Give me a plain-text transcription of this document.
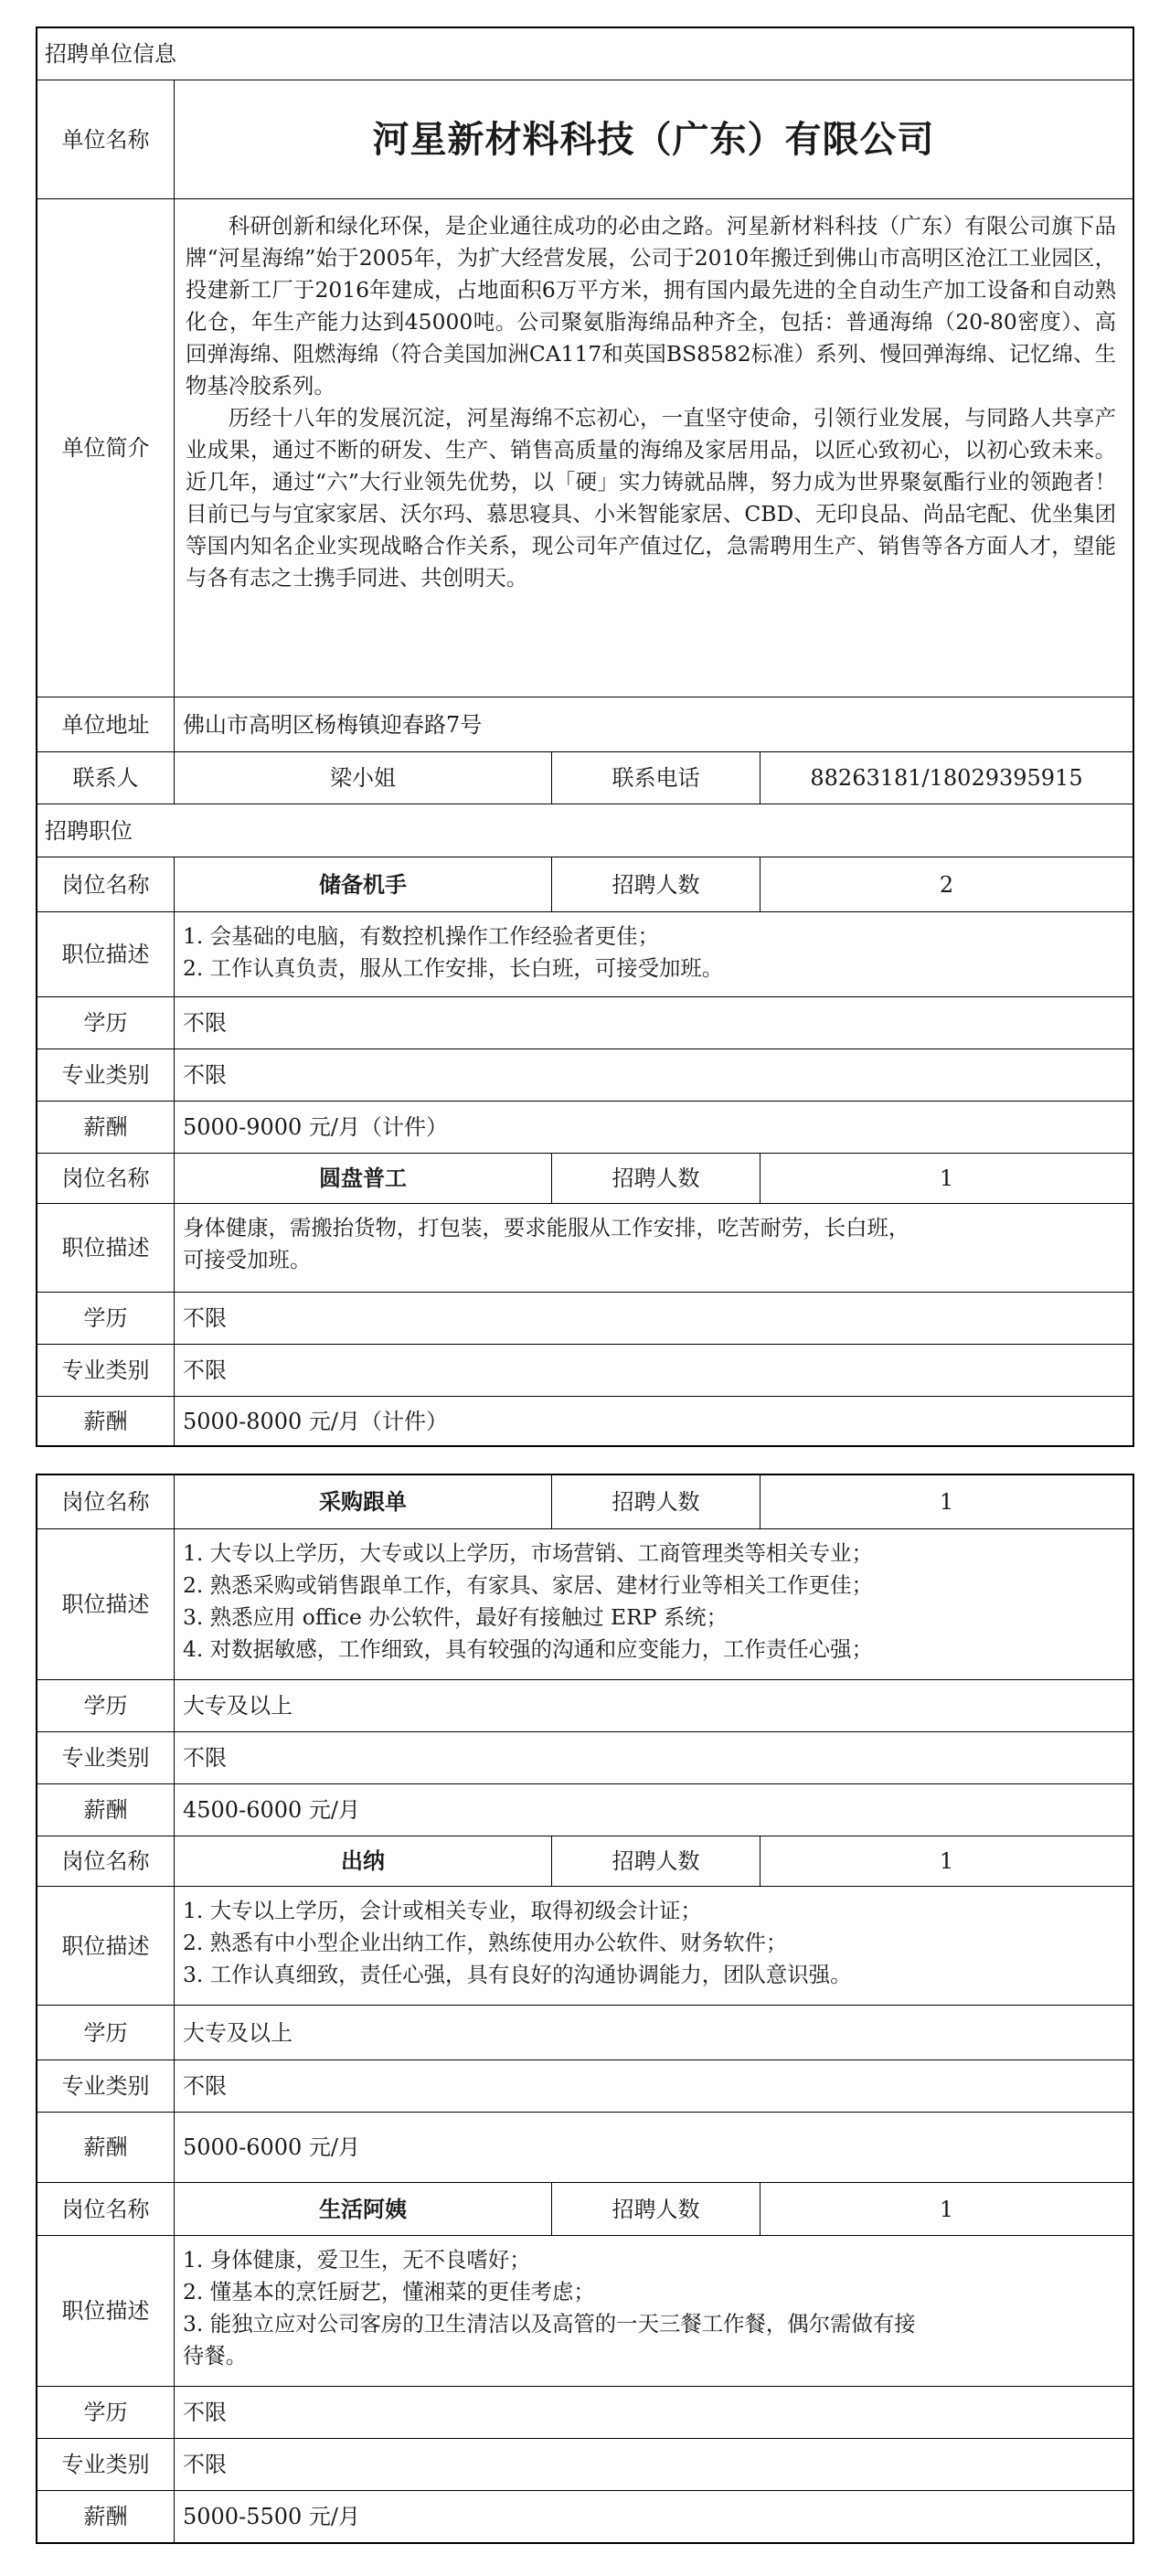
招聘单位信息
单位名称	河星新材料科技（广东）有限公司
单位简介

科研创新和绿化环保，是企业通往成功的必由之路。河星新材料科技（广东）有限公司旗下品牌“河星海绵”始于2005年，为扩大经营发展，公司于2010年搬迁到佛山市高明区沧江工业园区，投建新工厂于2016年建成，占地面积6万平方米，拥有国内最先进的全自动生产加工设备和自动熟化仓，年生产能力达到45000吨。公司聚氨脂海绵品种齐全，包括：普通海绵（20-80密度）、高回弹海绵、阻燃海绵（符合美国加洲CA117和英国BS8582标准）系列、慢回弹海绵、记忆绵、生物基冷胶系列。

历经十八年的发展沉淀，河星海绵不忘初心，一直坚守使命，引领行业发展，与同路人共享产业成果，通过不断的研发、生产、销售高质量的海绵及家居用品，以匠心致初心，以初心致未来。近几年，通过“六”大行业领先优势，以「硬」实力铸就品牌，努力成为世界聚氨酯行业的领跑者！目前已与与宜家家居、沃尔玛、慕思寝具、小米智能家居、CBD、无印良品、尚品宅配、优坐集团等国内知名企业实现战略合作关系，现公司年产值过亿，急需聘用生产、销售等各方面人才，望能与各有志之士携手同进、共创明天。

单位地址	佛山市高明区杨梅镇迎春路7号
联系人	梁小姐	联系电话	88263181/18029395915
招聘职位
岗位名称	储备机手	招聘人数	2
职位描述
1. 会基础的电脑，有数控机操作工作经验者更佳；
2. 工作认真负责，服从工作安排，长白班，可接受加班。
学历	不限
专业类别	不限
薪酬	5000-9000 元/月（计件）
岗位名称	圆盘普工	招聘人数	1
职位描述
身体健康，需搬抬货物，打包装，要求能服从工作安排，吃苦耐劳，长白班，
可接受加班。
学历	不限
专业类别	不限
薪酬	5000-8000 元/月（计件）
岗位名称	采购跟单	招聘人数	1
职位描述
1. 大专以上学历，大专或以上学历，市场营销、工商管理类等相关专业；
2. 熟悉采购或销售跟单工作，有家具、家居、建材行业等相关工作更佳；
3. 熟悉应用 office 办公软件，最好有接触过 ERP 系统；
4. 对数据敏感，工作细致，具有较强的沟通和应变能力，工作责任心强；
学历	大专及以上
专业类别	不限
薪酬	4500-6000 元/月
岗位名称	出纳	招聘人数	1
职位描述
1. 大专以上学历，会计或相关专业，取得初级会计证；
2. 熟悉有中小型企业出纳工作，熟练使用办公软件、财务软件；
3. 工作认真细致，责任心强，具有良好的沟通协调能力，团队意识强。
学历	大专及以上
专业类别	不限
薪酬	5000-6000 元/月
岗位名称	生活阿姨	招聘人数	1
职位描述
1. 身体健康，爱卫生，无不良嗜好；
2. 懂基本的烹饪厨艺，懂湘菜的更佳考虑；
3. 能独立应对公司客房的卫生清洁以及高管的一天三餐工作餐，偶尔需做有接
待餐。
学历	不限
专业类别	不限
薪酬	5000-5500 元/月
